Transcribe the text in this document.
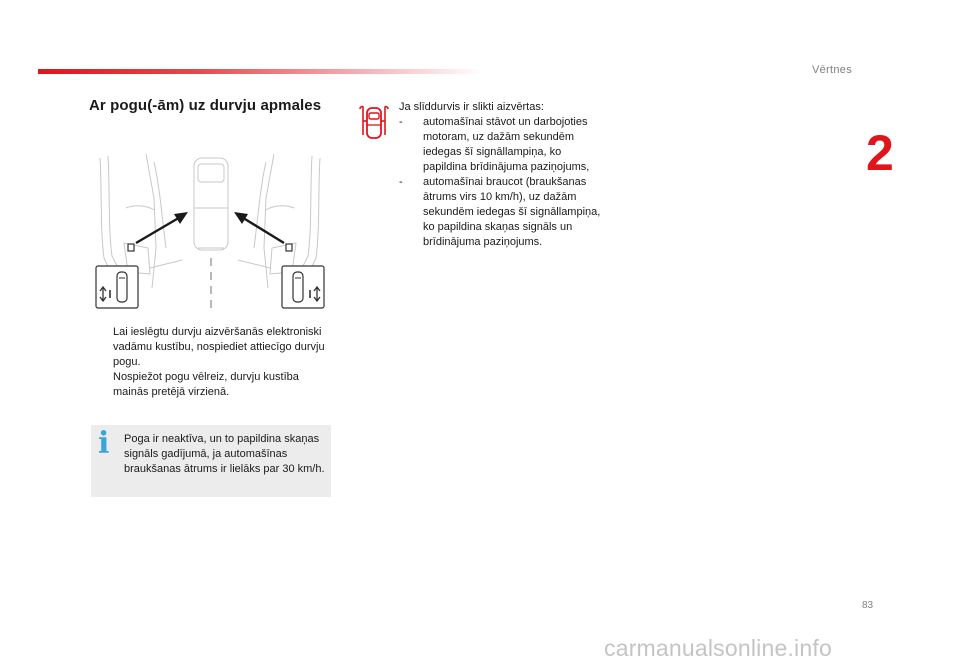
Vērtnes
2
Ar pogu(-ām) uz durvju apmales

Lai ieslēgtu durvju aizvēršanās elektroniski vadāmu kustību, nospiediet attiecīgo durvju pogu.

Nospiežot pogu vēlreiz, durvju kustība mainās pretējā virzienā.

i Poga ir neaktīva, un to papildina skaņas signāls gadījumā, ja automašīnas braukšanas ātrums ir lielāks par 30 km/h.

Ja slīddurvis ir slikti aizvērtas:

- automašīnai stāvot un darbojoties motoram, uz dažām sekundēm iedegas šī signāllampiņa, ko papildina brīdinājuma paziņojums,

- automašīnai braucot (braukšanas ātrums virs 10 km/h), uz dažām sekundēm iedegas šī signāllampiņa, ko papildina skaņas signāls un brīdinājuma paziņojums.

83
carmanualsonline.info
